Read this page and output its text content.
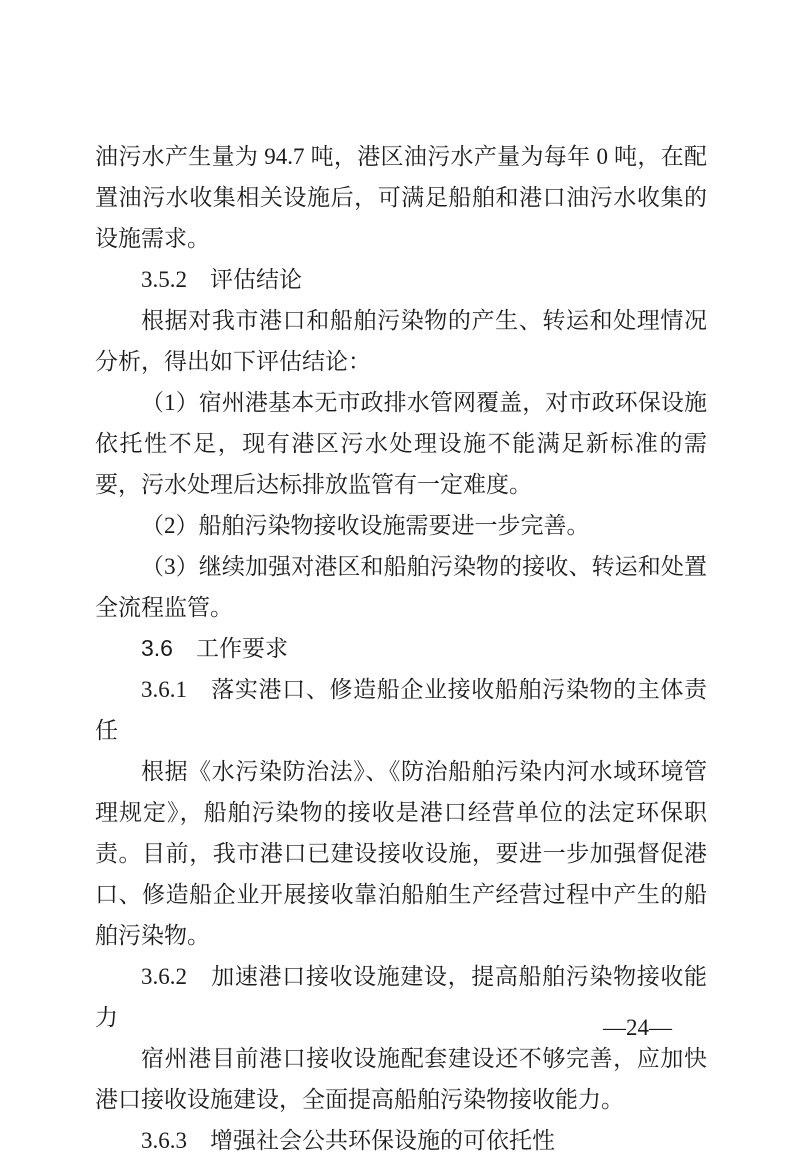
油污水产生量为 94.7 吨，港区油污水产量为每年 0 吨，在配置油污水收集相关设施后，可满足船舶和港口油污水收集的设施需求。

3.5.2　评估结论

根据对我市港口和船舶污染物的产生、转运和处理情况分析，得出如下评估结论：

（1）宿州港基本无市政排水管网覆盖，对市政环保设施依托性不足，现有港区污水处理设施不能满足新标准的需要，污水处理后达标排放监管有一定难度。

（2）船舶污染物接收设施需要进一步完善。

（3）继续加强对港区和船舶污染物的接收、转运和处置全流程监管。

3.6　工作要求
3.6.1　落实港口、修造船企业接收船舶污染物的主体责任

根据《水污染防治法》、《防治船舶污染内河水域环境管理规定》，船舶污染物的接收是港口经营单位的法定环保职责。目前，我市港口已建设接收设施，要进一步加强督促港口、修造船企业开展接收靠泊船舶生产经营过程中产生的船舶污染物。

3.6.2　加速港口接收设施建设，提高船舶污染物接收能力

宿州港目前港口接收设施配套建设还不够完善，应加快港口接收设施建设，全面提高船舶污染物接收能力。

3.6.3　增强社会公共环保设施的可依托性
—24—
